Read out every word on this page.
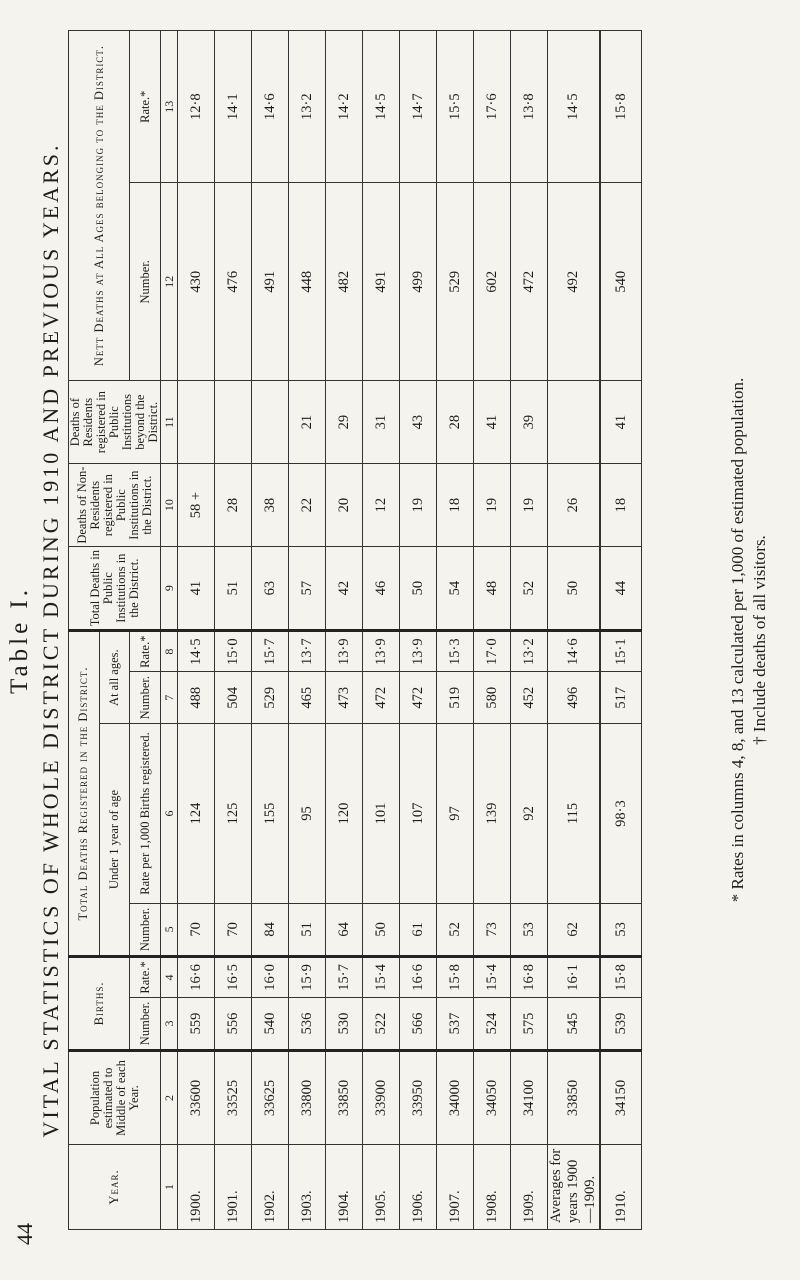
44
Table I. VITAL STATISTICS OF WHOLE DISTRICT DURING 1910 AND PREVIOUS YEARS.
Year.	Population estimated to Middle of each Year.	Births.		Total Deaths Registered in the District.				Total Deaths in Public Institutions in the District.	Deaths of Non-Residents registered in Public Institutions in the District.	Deaths of Residents registered in Public Institutions beyond the District.	Nett Deaths at All Ages belonging to the District.	
				Under 1 year of age		At all ages.						
		Number.	Rate.*	Number.	Rate per 1,000 Births registered.	Number.	Rate.*				Number.	Rate.*
1	2	3	4	5	6	7	8	9	10	11	12	13
1900.	33600	559	16·6	70	124	488	14·5	41	58 +		430	12·8
1901.	33525	556	16·5	70	125	504	15·0	51	28		476	14·1
1902.	33625	540	16·0	84	155	529	15·7	63	38		491	14·6
1903.	33800	536	15·9	51	95	465	13·7	57	22	21	448	13·2
1904.	33850	530	15·7	64	120	473	13·9	42	20	29	482	14·2
1905.	33900	522	15·4	50	101	472	13·9	46	12	31	491	14·5
1906.	33950	566	16·6	61	107	472	13·9	50	19	43	499	14·7
1907.	34000	537	15·8	52	97	519	15·3	54	18	28	529	15·5
1908.	34050	524	15·4	73	139	580	17·0	48	19	41	602	17·6
1909.	34100	575	16·8	53	92	452	13·2	52	19	39	472	13·8
Averages for years 1900—1909.	33850	545	16·1	62	115	496	14·6	50	26		492	14·5
1910.	34150	539	15·8	53	98·3	517	15·1	44	18	41	540	15·8
* Rates in columns 4, 8, and 13 calculated per 1,000 of estimated population. † Include deaths of all visitors.
